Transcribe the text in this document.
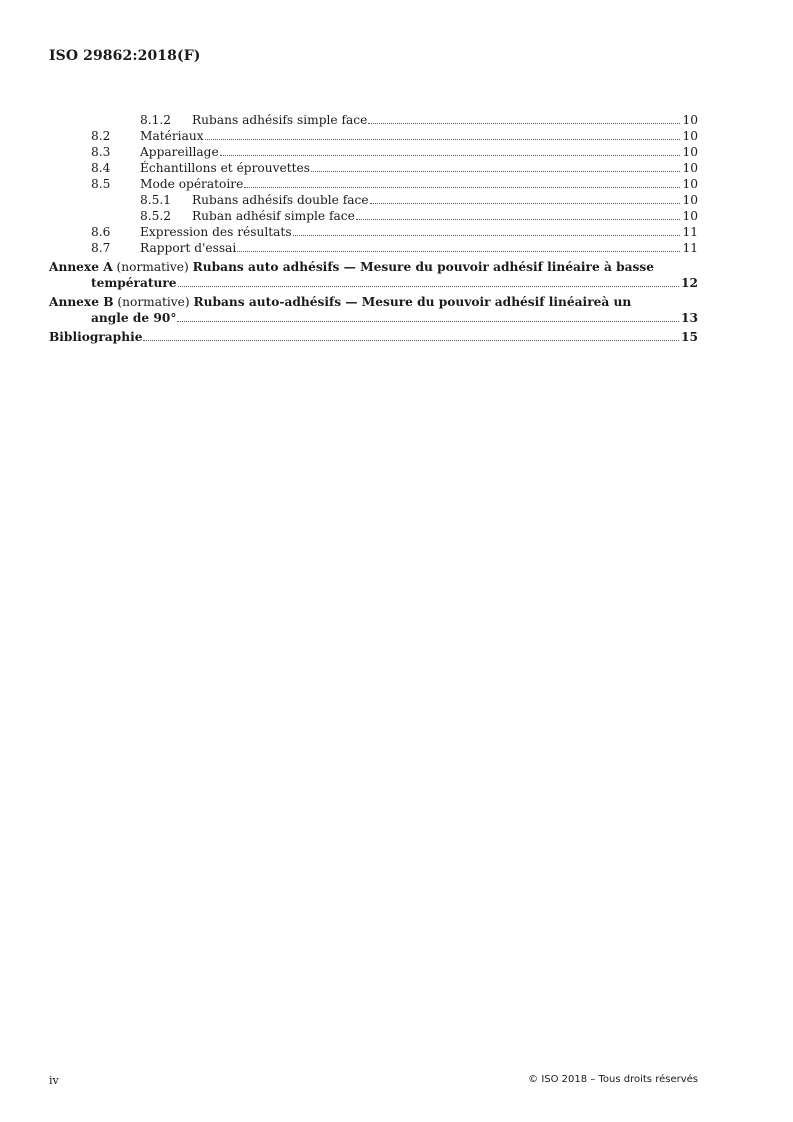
ISO 29862:2018(F)
8.1.2	Rubans adhésifs simple face	10
8.2	Matériaux	10
8.3	Appareillage	10
8.4	Échantillons et éprouvettes	10
8.5	Mode opératoire	10
8.5.1	Rubans adhésifs double face	10
8.5.2	Ruban adhésif simple face	10
8.6	Expression des résultats	11
8.7	Rapport d'essai	11
Annexe A (normative) Rubans auto adhésifs — Mesure du pouvoir adhésif linéaire à basse
température	12
Annexe B (normative) Rubans auto-adhésifs — Mesure du pouvoir adhésif linéaireà un
angle de 90°	13
Bibliographie	15
iv	© ISO 2018 – Tous droits réservés
